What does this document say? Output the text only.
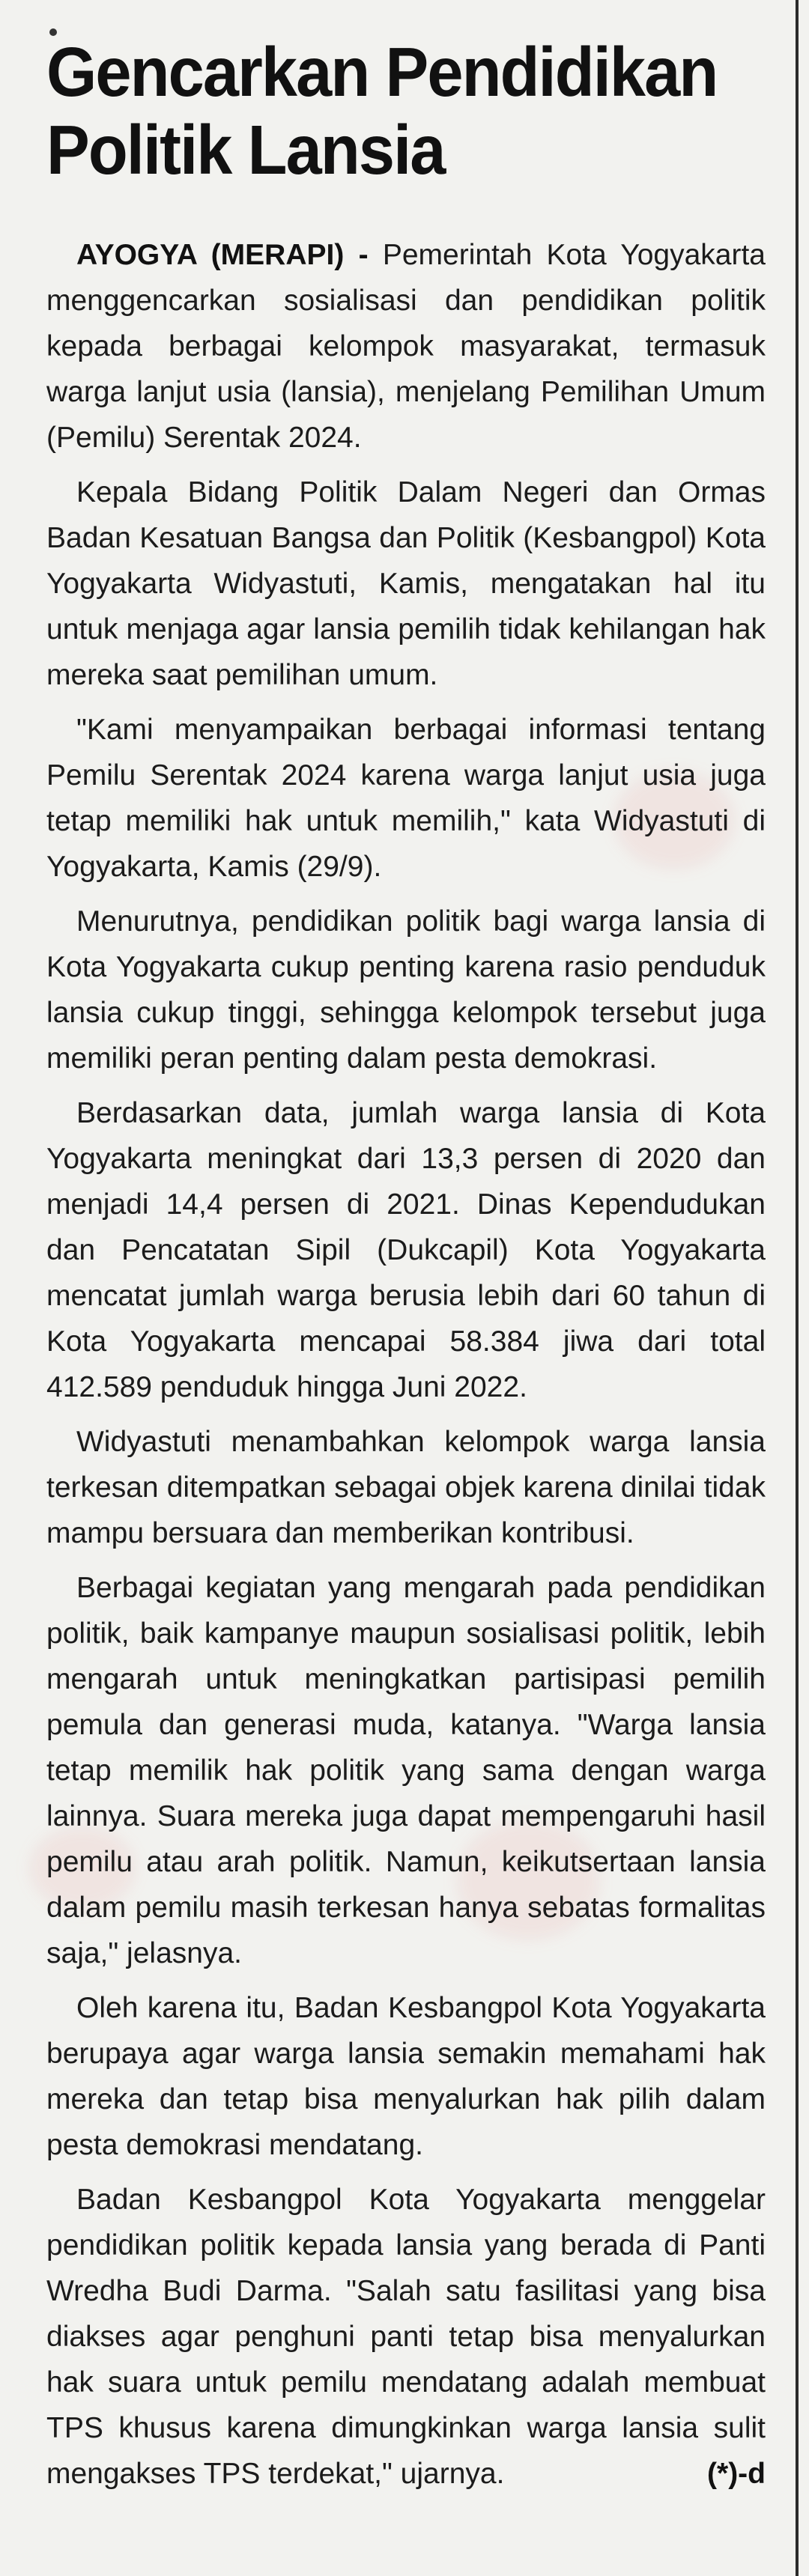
Gencarkan Pendidikan
Politik Lansia

AYOGYA (MERAPI) - Pemerintah Kota Yogyakarta menggencarkan sosialisasi dan pendidikan politik kepada berbagai kelompok masyarakat, termasuk warga lanjut usia (lansia), menjelang Pemilihan Umum (Pemilu) Serentak 2024.

Kepala Bidang Politik Dalam Negeri dan Ormas Badan Kesatuan Bangsa dan Politik (Kesbangpol) Kota Yogyakarta Widyastuti, Kamis, mengatakan hal itu untuk menjaga agar lansia pemilih tidak kehilangan hak mereka saat pemilihan umum.

"Kami menyampaikan berbagai informasi tentang Pemilu Serentak 2024 karena warga lanjut usia juga tetap memiliki hak untuk memilih," kata Widyastuti di Yogyakarta, Kamis (29/9).

Menurutnya, pendidikan politik bagi warga lansia di Kota Yogyakarta cukup penting karena rasio penduduk lansia cukup tinggi, sehingga kelompok tersebut juga memiliki peran penting dalam pesta demokrasi.

Berdasarkan data, jumlah warga lansia di Kota Yogyakarta meningkat dari 13,3 persen di 2020 dan menjadi 14,4 persen di 2021. Dinas Kependudukan dan Pencatatan Sipil (Dukcapil) Kota Yogyakarta mencatat jumlah warga berusia lebih dari 60 tahun di Kota Yogyakarta mencapai 58.384 jiwa dari total 412.589 penduduk hingga Juni 2022.

Widyastuti menambahkan kelompok warga lansia terkesan ditempatkan sebagai objek karena dinilai tidak mampu bersuara dan memberikan kontribusi.

Berbagai kegiatan yang mengarah pada pendidikan politik, baik kampanye maupun sosialisasi politik, lebih mengarah untuk meningkatkan partisipasi pemilih pemula dan generasi muda, katanya. "Warga lansia tetap memilik hak politik yang sama dengan warga lainnya. Suara mereka juga dapat mempengaruhi hasil pemilu atau arah politik. Namun, keikutsertaan lansia dalam pemilu masih terkesan hanya sebatas formalitas saja," jelasnya.

Oleh karena itu, Badan Kesbangpol Kota Yogyakarta berupaya agar warga lansia semakin memahami hak mereka dan tetap bisa menyalurkan hak pilih dalam pesta demokrasi mendatang.

Badan Kesbangpol Kota Yogyakarta menggelar pendidikan politik kepada lansia yang berada di Panti Wredha Budi Darma. "Salah satu fasilitasi yang bisa diakses agar penghuni panti tetap bisa menyalurkan hak suara untuk pemilu mendatang adalah membuat TPS khusus karena dimungkinkan warga lansia sulit mengakses TPS terdekat," ujarnya.	(*)-d
